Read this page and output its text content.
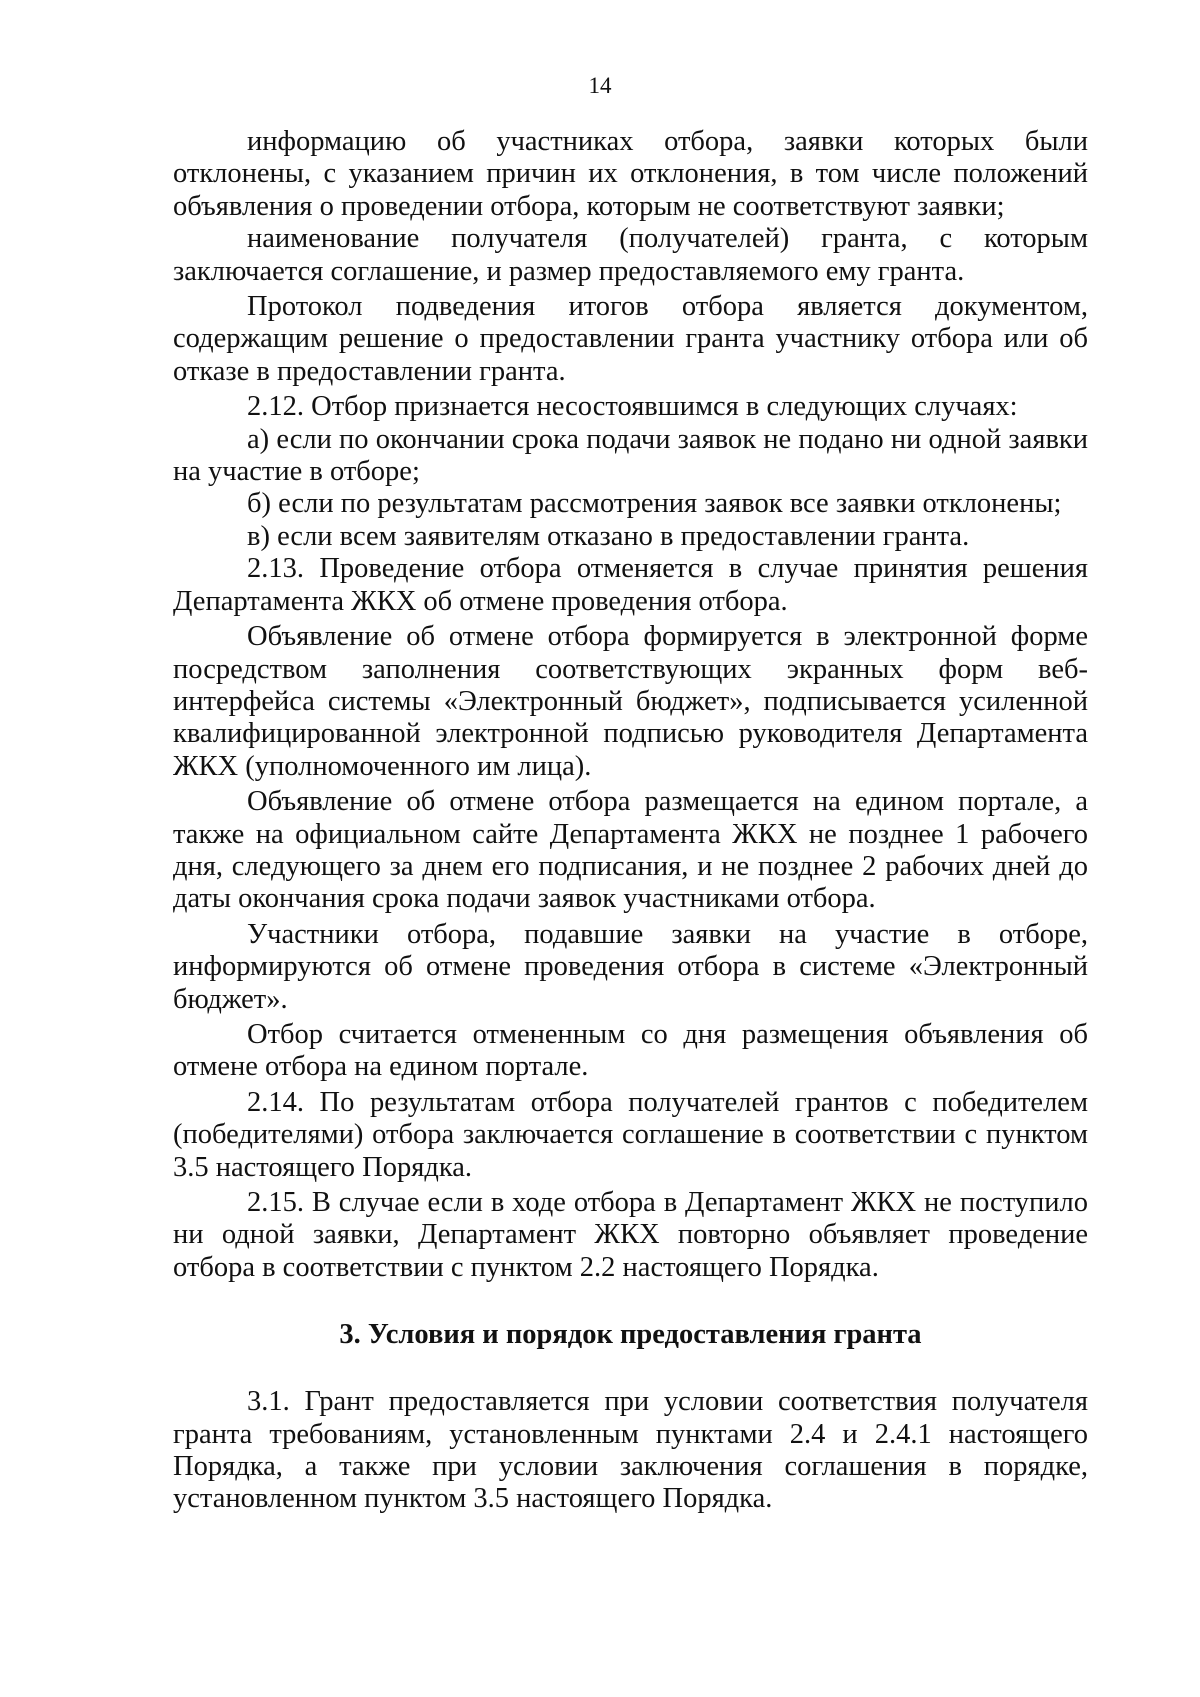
14

информацию об участниках отбора, заявки которых были отклонены, с указанием причин их отклонения, в том числе положений объявления о проведении отбора, которым не соответствуют заявки;

наименование получателя (получателей) гранта, с которым заключается соглашение, и размер предоставляемого ему гранта.

Протокол подведения итогов отбора является документом, содержащим решение о предоставлении гранта участнику отбора или об отказе в предоставлении гранта.

2.12. Отбор признается несостоявшимся в следующих случаях:

а) если по окончании срока подачи заявок не подано ни одной заявки на участие в отборе;

б) если по результатам рассмотрения заявок все заявки отклонены;

в) если всем заявителям отказано в предоставлении гранта.

2.13. Проведение отбора отменяется в случае принятия решения Департамента ЖКХ об отмене проведения отбора.

Объявление об отмене отбора формируется в электронной форме посредством заполнения соответствующих экранных форм веб-интерфейса системы «Электронный бюджет», подписывается усиленной квалифицированной электронной подписью руководителя Департамента ЖКХ (уполномоченного им лица).

Объявление об отмене отбора размещается на едином портале, а также на официальном сайте Департамента ЖКХ не позднее 1 рабочего дня, следующего за днем его подписания, и не позднее 2 рабочих дней до даты окончания срока подачи заявок участниками отбора.

Участники отбора, подавшие заявки на участие в отборе, информируются об отмене проведения отбора в системе «Электронный бюджет».

Отбор считается отмененным со дня размещения объявления об отмене отбора на едином портале.

2.14. По результатам отбора получателей грантов с победителем (победителями) отбора заключается соглашение в соответствии с пунктом 3.5 настоящего Порядка.

2.15. В случае если в ходе отбора в Департамент ЖКХ не поступило ни одной заявки, Департамент ЖКХ повторно объявляет проведение отбора в соответствии с пунктом 2.2 настоящего Порядка.

3. Условия и порядок предоставления гранта

3.1. Грант предоставляется при условии соответствия получателя гранта требованиям, установленным пунктами 2.4 и 2.4.1 настоящего Порядка, а также при условии заключения соглашения в порядке, установленном пунктом 3.5 настоящего Порядка.
